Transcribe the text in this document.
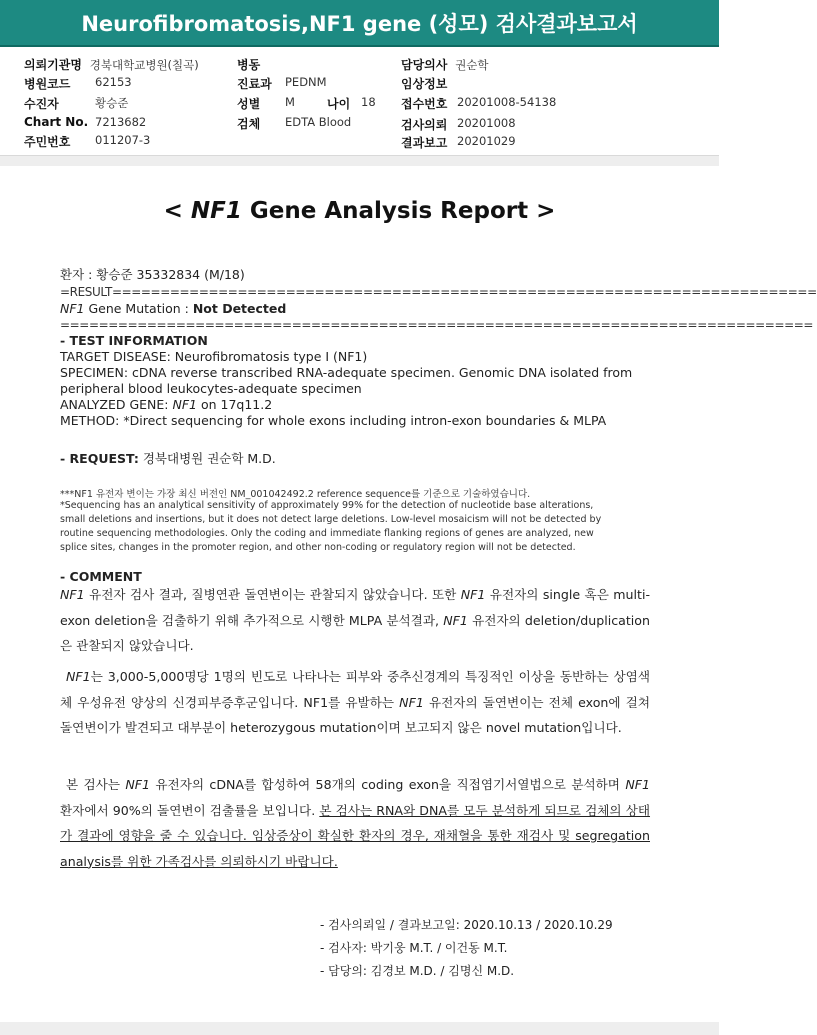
Neurofibromatosis,NF1 gene (성모) 검사결과보고서
의뢰기관명 경북대학교병원(칠곡)
병원코드 62153
수진자	황승준
Chart No. 7213682
주민번호 011207-3
병동
진료과 PEDNM
성별 M	나이 18
검체 EDTA Blood
담당의사 권순학
임상정보
접수번호 20201008-54138
검사의뢰 20201008
결과보고 20201029
< NF1 Gene Analysis Report >
환자 : 황승준 35332834 (M/18)
=RESULT=========================================================================
NF1 Gene Mutation : Not Detected
==============================================================================
- TEST INFORMATION
TARGET DISEASE: Neurofibromatosis type I (NF1)
SPECIMEN: cDNA reverse transcribed RNA-adequate specimen. Genomic DNA isolated from
peripheral blood leukocytes-adequate specimen
ANALYZED GENE: NF1 on 17q11.2
METHOD: *Direct sequencing for whole exons including intron-exon boundaries & MLPA
- REQUEST: 경북대병원 권순학 M.D.
***NF1 유전자 변이는 가장 최신 버전인 NM_001042492.2 reference sequence를 기준으로 기술하였습니다.
*Sequencing has an analytical sensitivity of approximately 99% for the detection of nucleotide base alterations,
small deletions and insertions, but it does not detect large deletions. Low-level mosaicism will not be detected by
routine sequencing methodologies. Only the coding and immediate flanking regions of genes are analyzed, new
splice sites, changes in the promoter region, and other non-coding or regulatory region will not be detected.
- COMMENT
NF1 유전자 검사 결과, 질병연관 돌연변이는 관찰되지 않았습니다. 또한 NF1 유전자의 single 혹은 multi-exon deletion을 검출하기 위해 추가적으로 시행한 MLPA 분석결과, NF1 유전자의 deletion/duplication은 관찰되지 않았습니다.
NF1는 3,000-5,000명당 1명의 빈도로 나타나는 피부와 중추신경계의 특징적인 이상을 동반하는 상염색체 우성유전 양상의 신경피부증후군입니다. NF1를 유발하는 NF1 유전자의 돌연변이는 전체 exon에 걸쳐 돌연변이가 발견되고 대부분이 heterozygous mutation이며 보고되지 않은 novel mutation입니다.
본 검사는 NF1 유전자의 cDNA를 합성하여 58개의 coding exon을 직접염기서열법으로 분석하며 NF1 환자에서 90%의 돌연변이 검출률을 보입니다. 본 검사는 RNA와 DNA를 모두 분석하게 되므로 검체의 상태가 결과에 영향을 줄 수 있습니다. 임상증상이 확실한 환자의 경우, 재채혈을 통한 재검사 및 segregation analysis를 위한 가족검사를 의뢰하시기 바랍니다.
- 검사의뢰일 / 결과보고일: 2020.10.13 / 2020.10.29
- 검사자: 박기웅 M.T. / 이건동 M.T.
- 담당의: 김경보 M.D. / 김명신 M.D.
